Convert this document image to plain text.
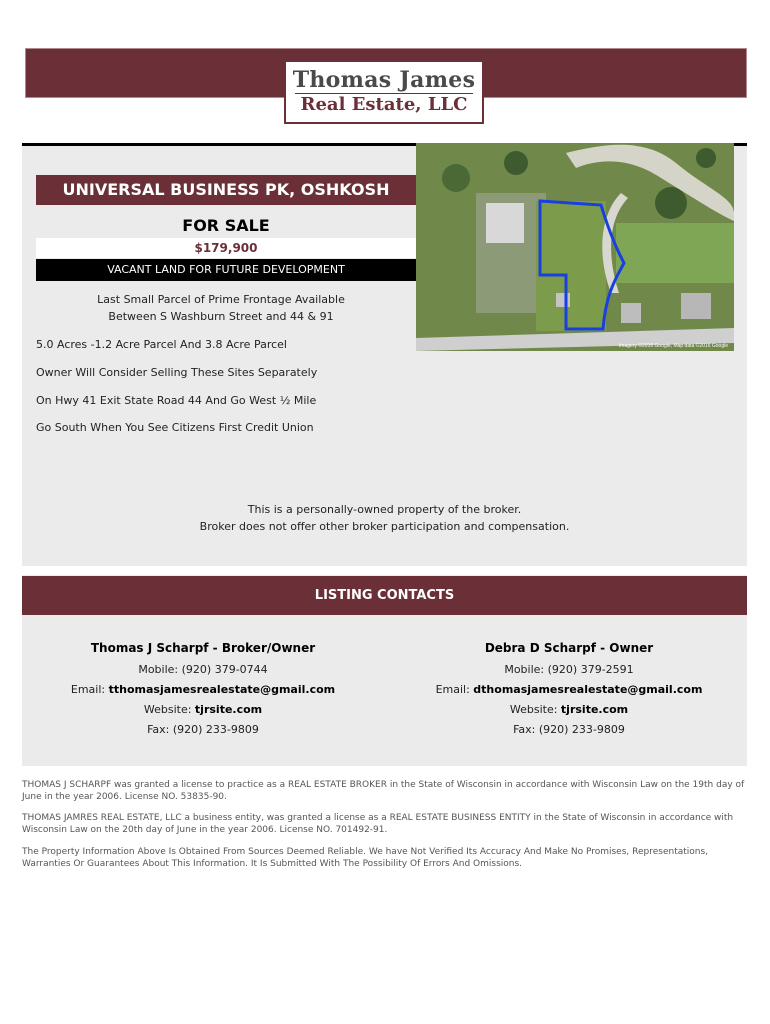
Thomas James
Real Estate, LLC
Imagery ©2016 Google, Map data ©2016 Google
UNIVERSAL BUSINESS PK, OSHKOSH
FOR SALE
$179,900
VACANT LAND FOR FUTURE DEVELOPMENT
Last Small Parcel of Prime Frontage Available
Between S Washburn Street and 44 & 91
5.0 Acres -1.2 Acre Parcel And 3.8 Acre Parcel
Owner Will Consider Selling These Sites Separately
On Hwy 41 Exit State Road 44 And Go West ½ Mile
Go South When You See Citizens First Credit Union
This is a personally-owned property of the broker.
Broker does not offer other broker participation and compensation.
LISTING CONTACTS
Thomas J Scharpf - Broker/Owner
Mobile: (920) 379-0744
Email: tthomasjamesrealestate@gmail.com
Website: tjrsite.com
Fax: (920) 233-9809
Debra D Scharpf - Owner
Mobile: (920) 379-2591
Email: dthomasjamesrealestate@gmail.com
Website: tjrsite.com
Fax: (920) 233-9809
THOMAS J SCHARPF was granted a license to practice as a REAL ESTATE BROKER in the State of Wisconsin in accordance with Wisconsin Law on the 19th day of June in the year 2006. License NO. 53835-90.
THOMAS JAMRES REAL ESTATE, LLC a business entity, was granted a license as a REAL ESTATE BUSINESS ENTITY in the State of Wisconsin in accordance with Wisconsin Law on the 20th day of June in the year 2006. License NO. 701492-91.
The Property Information Above Is Obtained From Sources Deemed Reliable. We have Not Verified Its Accuracy And Make No Promises, Representations, Warranties Or Guarantees About This Information. It Is Submitted With The Possibility Of Errors And Omissions.
